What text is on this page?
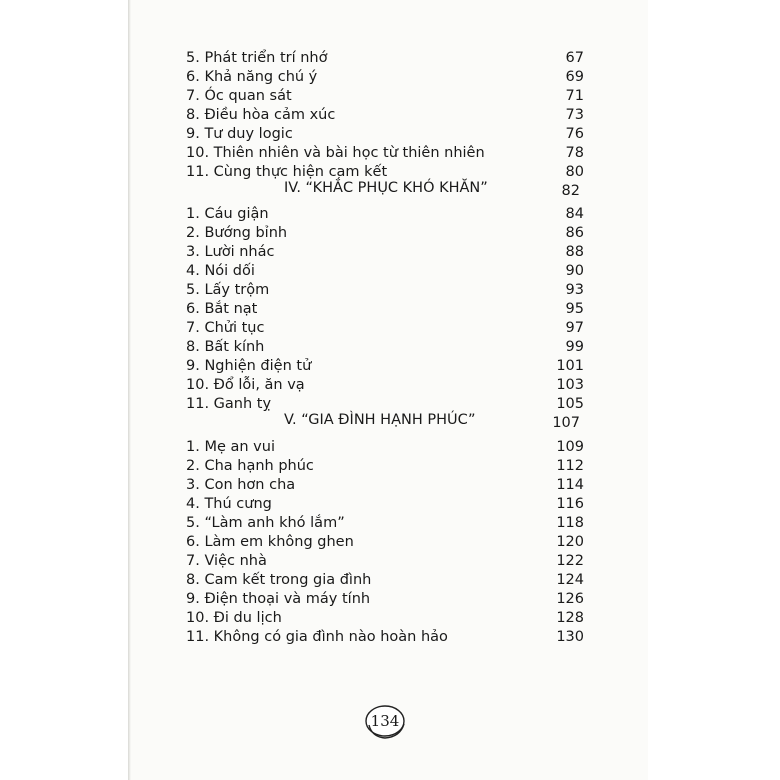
5. Phát triển trí nhớ	67
6. Khả năng chú ý	69
7. Óc quan sát	71
8. Điều hòa cảm xúc	73
9. Tư duy logic	76
10. Thiên nhiên và bài học từ thiên nhiên	78
11. Cùng thực hiện cam kết	80
IV. “KHẮC PHỤC KHÓ KHĂN”	82
1. Cáu giận	84
2. Bướng bỉnh	86
3. Lười nhác	88
4. Nói dối	90
5. Lấy trộm	93
6. Bắt nạt	95
7. Chửi tục	97
8. Bất kính	99
9. Nghiện điện tử	101
10. Đổ lỗi, ăn vạ	103
11. Ganh tỵ	105
V. “GIA ĐÌNH HẠNH PHÚC”	107
1. Mẹ an vui	109
2. Cha hạnh phúc	112
3. Con hơn cha	114
4. Thú cưng	116
5. “Làm anh khó lắm”	118
6. Làm em không ghen	120
7. Việc nhà	122
8. Cam kết trong gia đình	124
9. Điện thoại và máy tính	126
10. Đi du lịch	128
11. Không có gia đình nào hoàn hảo	130
134
